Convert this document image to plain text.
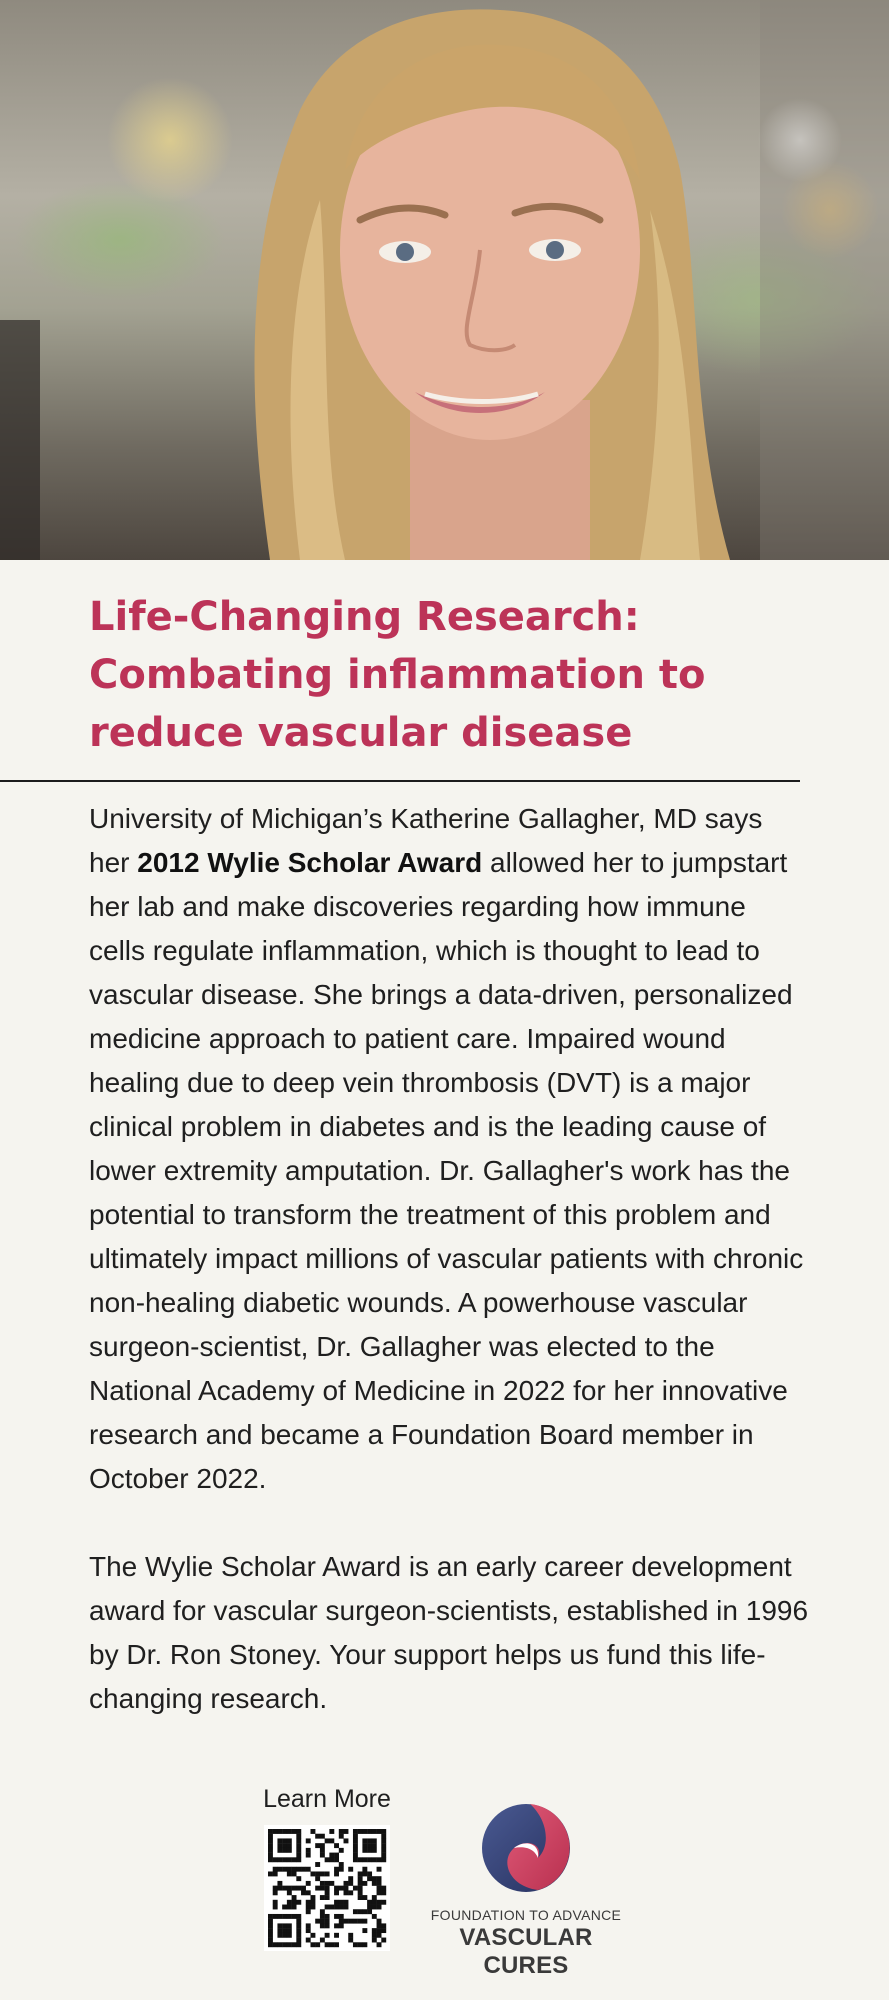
Life-Changing Research:
Combating inflammation to
reduce vascular disease

University of Michigan’s Katherine Gallagher, MD says her 2012 Wylie Scholar Award allowed her to jumpstart her lab and make discoveries regarding how immune cells regulate inflammation, which is thought to lead to vascular disease. She brings a data-driven, personalized medicine approach to patient care. Impaired wound healing due to deep vein thrombosis (DVT) is a major clinical problem in diabetes and is the leading cause of lower extremity amputation. Dr. Gallagher's work has the potential to transform the treatment of this problem and ultimately impact millions of vascular patients with chronic non-healing diabetic wounds. A powerhouse vascular surgeon-scientist, Dr. Gallagher was elected to the National Academy of Medicine in 2022 for her innovative research and became a Foundation Board member in October 2022.

The Wylie Scholar Award is an early career development award for vascular surgeon-scientists, established in 1996 by Dr. Ron Stoney. Your support helps us fund this life-changing research.

Learn More
FOUNDATION TO ADVANCE
VASCULAR CURES
